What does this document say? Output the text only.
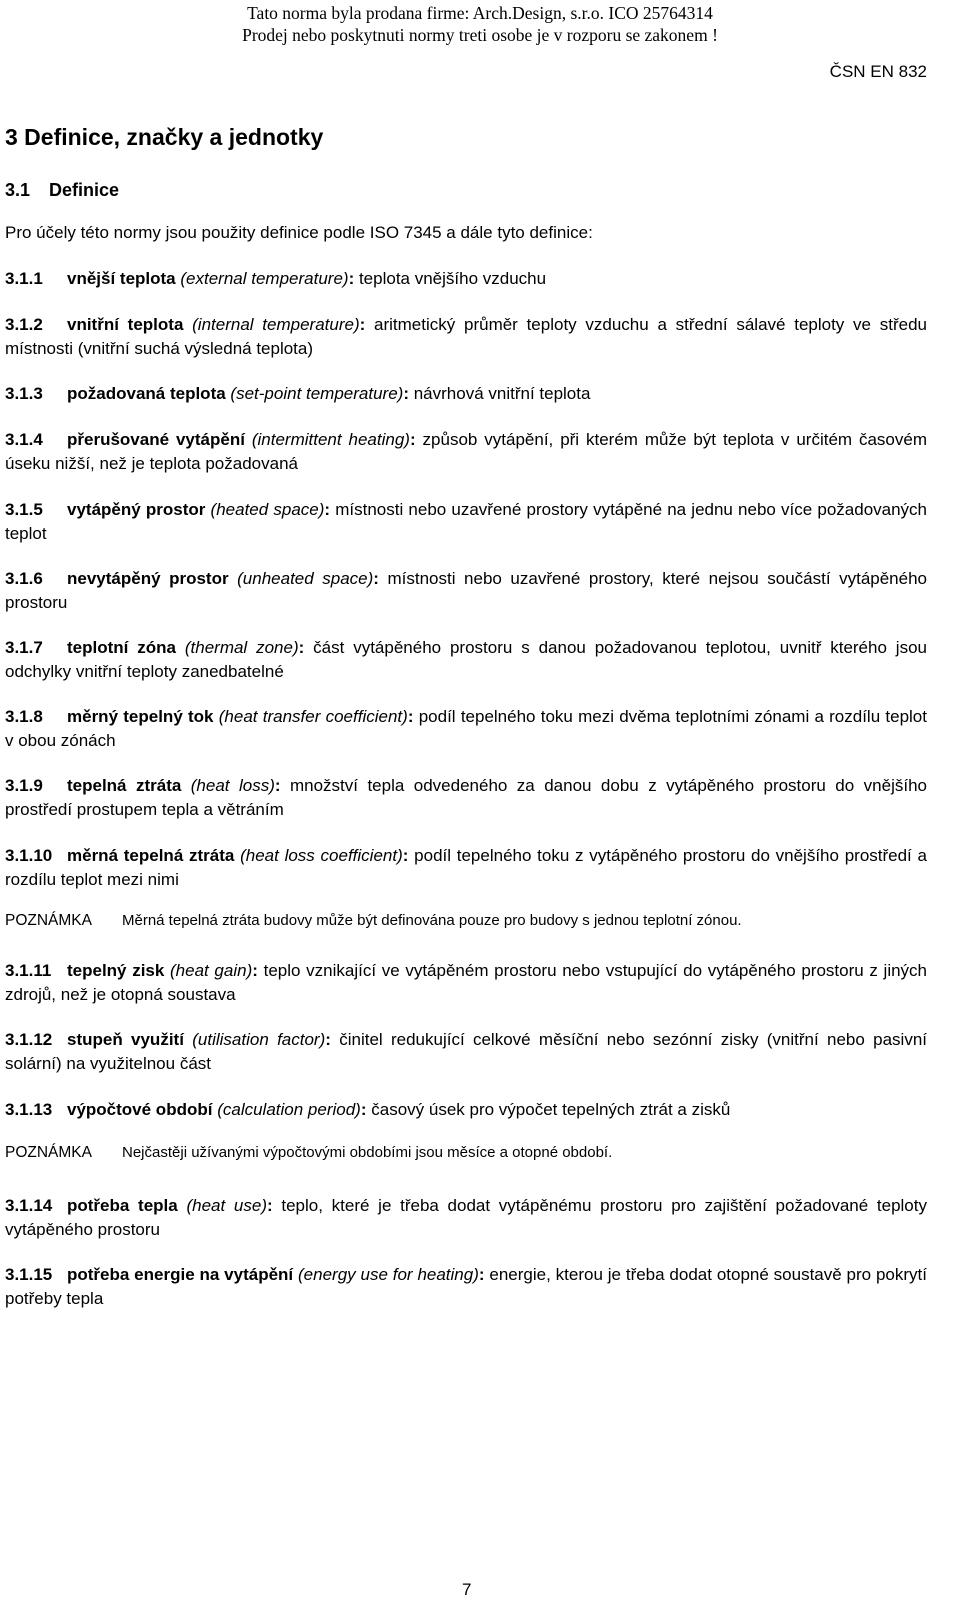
Tato norma byla prodana firme: Arch.Design, s.r.o. ICO 25764314
Prodej nebo poskytnuti normy treti osobe je v rozporu se zakonem !
ČSN EN 832
3 Definice, značky a jednotky
3.1 Definice
Pro účely této normy jsou použity definice podle ISO 7345 a dále tyto definice:
3.1.1 vnější teplota (external temperature): teplota vnějšího vzduchu
3.1.2 vnitřní teplota (internal temperature): aritmetický průměr teploty vzduchu a střední sálavé teploty ve středu místnosti (vnitřní suchá výsledná teplota)
3.1.3 požadovaná teplota (set-point temperature): návrhová vnitřní teplota
3.1.4 přerušované vytápění (intermittent heating): způsob vytápění, při kterém může být teplota v určitém časovém úseku nižší, než je teplota požadovaná
3.1.5 vytápěný prostor (heated space): místnosti nebo uzavřené prostory vytápěné na jednu nebo více požadovaných teplot
3.1.6 nevytápěný prostor (unheated space): místnosti nebo uzavřené prostory, které nejsou součástí vytápěného prostoru
3.1.7 teplotní zóna (thermal zone): část vytápěného prostoru s danou požadovanou teplotou, uvnitř kterého jsou odchylky vnitřní teploty zanedbatelné
3.1.8 měrný tepelný tok (heat transfer coefficient): podíl tepelného toku mezi dvěma teplotními zónami a rozdílu teplot v obou zónách
3.1.9 tepelná ztráta (heat loss): množství tepla odvedeného za danou dobu z vytápěného prostoru do vnějšího prostředí prostupem tepla a větráním
3.1.10 měrná tepelná ztráta (heat loss coefficient): podíl tepelného toku z vytápěného prostoru do vnějšího prostředí a rozdílu teplot mezi nimi
POZNÁMKA Měrná tepelná ztráta budovy může být definována pouze pro budovy s jednou teplotní zónou.
3.1.11 tepelný zisk (heat gain): teplo vznikající ve vytápěném prostoru nebo vstupující do vytápěného prostoru z jiných zdrojů, než je otopná soustava
3.1.12 stupeň využití (utilisation factor): činitel redukující celkové měsíční nebo sezónní zisky (vnitřní nebo pasivní solární) na využitelnou část
3.1.13 výpočtové období (calculation period): časový úsek pro výpočet tepelných ztrát a zisků
POZNÁMKA Nejčastěji užívanými výpočtovými obdobími jsou měsíce a otopné období.
3.1.14 potřeba tepla (heat use): teplo, které je třeba dodat vytápěnému prostoru pro zajištění požadované teploty vytápěného prostoru
3.1.15 potřeba energie na vytápění (energy use for heating): energie, kterou je třeba dodat otopné soustavě pro pokrytí potřeby tepla
7
